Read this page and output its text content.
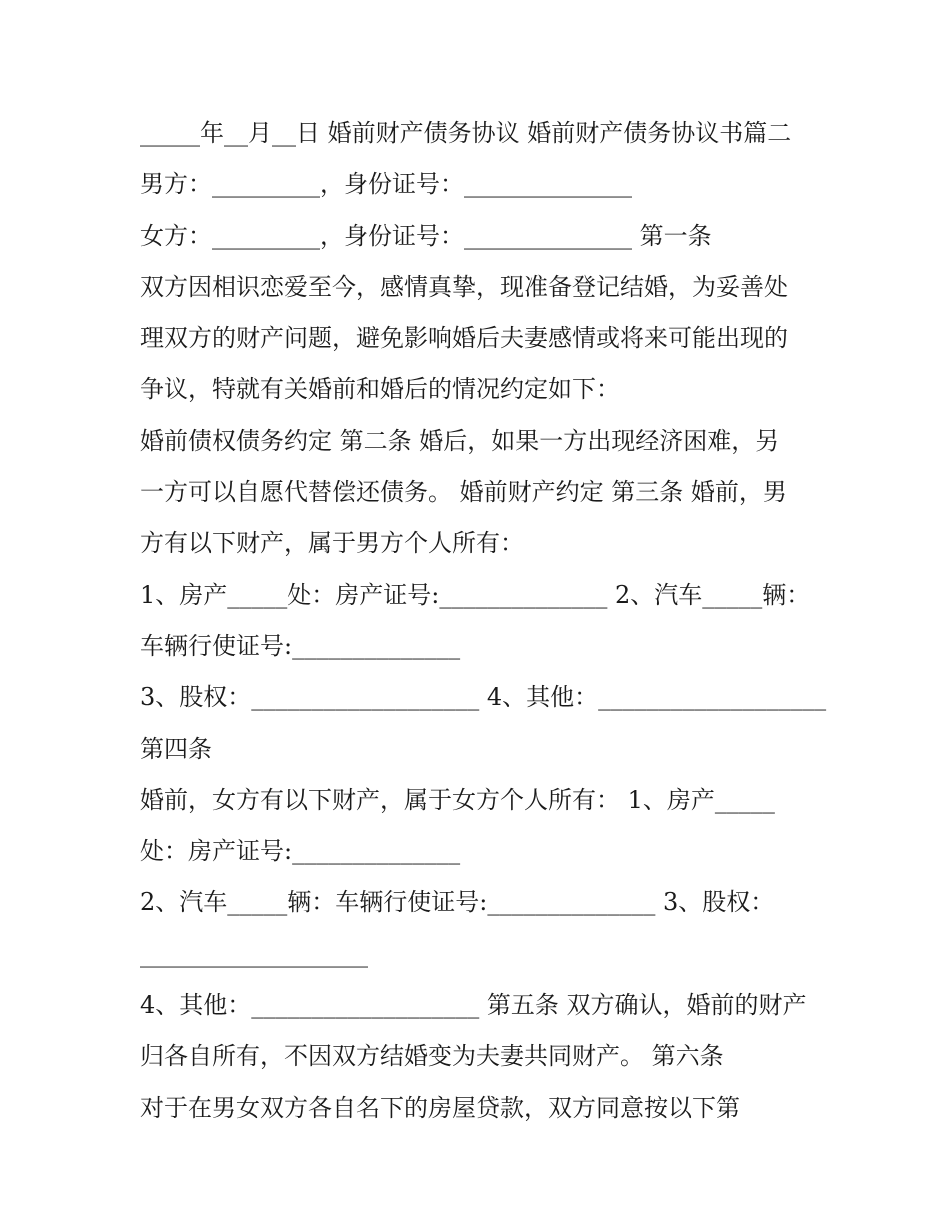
_____年__月__日 婚前财产债务协议 婚前财产债务协议书篇二
男方：_________，身份证号：______________
女方：_________，身份证号：______________ 第一条
双方因相识恋爱至今，感情真挚，现准备登记结婚，为妥善处
理双方的财产问题，避免影响婚后夫妻感情或将来可能出现的
争议，特就有关婚前和婚后的情况约定如下：
婚前债权债务约定 第二条 婚后，如果一方出现经济困难，另
一方可以自愿代替偿还债务。 婚前财产约定 第三条 婚前，男
方有以下财产，属于男方个人所有：
1、房产_____处：房产证号:______________ 2、汽车_____辆：
车辆行使证号:______________
3、股权：___________________ 4、其他：___________________
第四条
婚前，女方有以下财产，属于女方个人所有： 1、房产_____
处：房产证号:______________
2、汽车_____辆：车辆行使证号:______________ 3、股权：
___________________
4、其他：___________________ 第五条 双方确认，婚前的财产
归各自所有，不因双方结婚变为夫妻共同财产。 第六条
对于在男女双方各自名下的房屋贷款，双方同意按以下第
